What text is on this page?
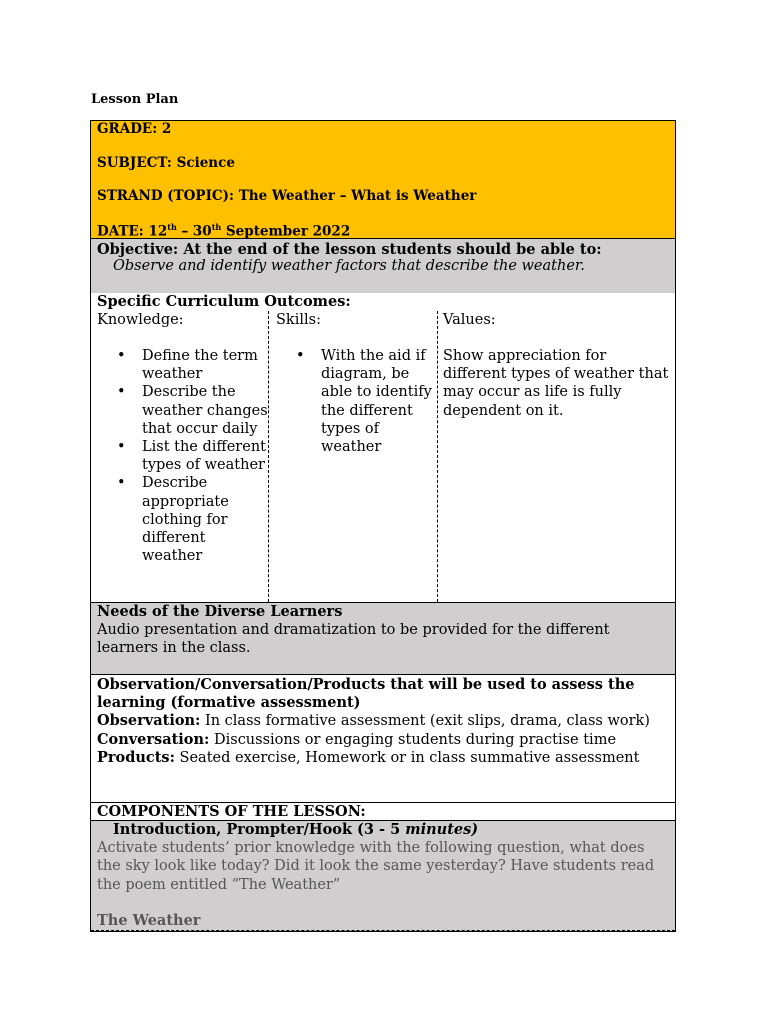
Lesson Plan
GRADE: 2
SUBJECT: Science
STRAND (TOPIC): The Weather – What is Weather
DATE: 12th – 30th September 2022
Objective: At the end of the lesson students should be able to:
Observe and identify weather factors that describe the weather.
Specific Curriculum Outcomes:
Knowledge:
• Define the term weather
• Describe the weather changes that occur daily
• List the different types of weather
• Describe appropriate clothing for different weather
Skills:
• With the aid if diagram, be able to identify the different types of weather
Values:
Show appreciation for different types of weather that may occur as life is fully dependent on it.
Needs of the Diverse Learners
Audio presentation and dramatization to be provided for the different learners in the class.
Observation/Conversation/Products that will be used to assess the learning (formative assessment)
Observation: In class formative assessment (exit slips, drama, class work)
Conversation: Discussions or engaging students during practise time
Products: Seated exercise, Homework or in class summative assessment
COMPONENTS OF THE LESSON:
Introduction, Prompter/Hook (3 - 5 minutes)
Activate students’ prior knowledge with the following question, what does the sky look like today? Did it look the same yesterday? Have students read the poem entitled “The Weather”
The Weather
